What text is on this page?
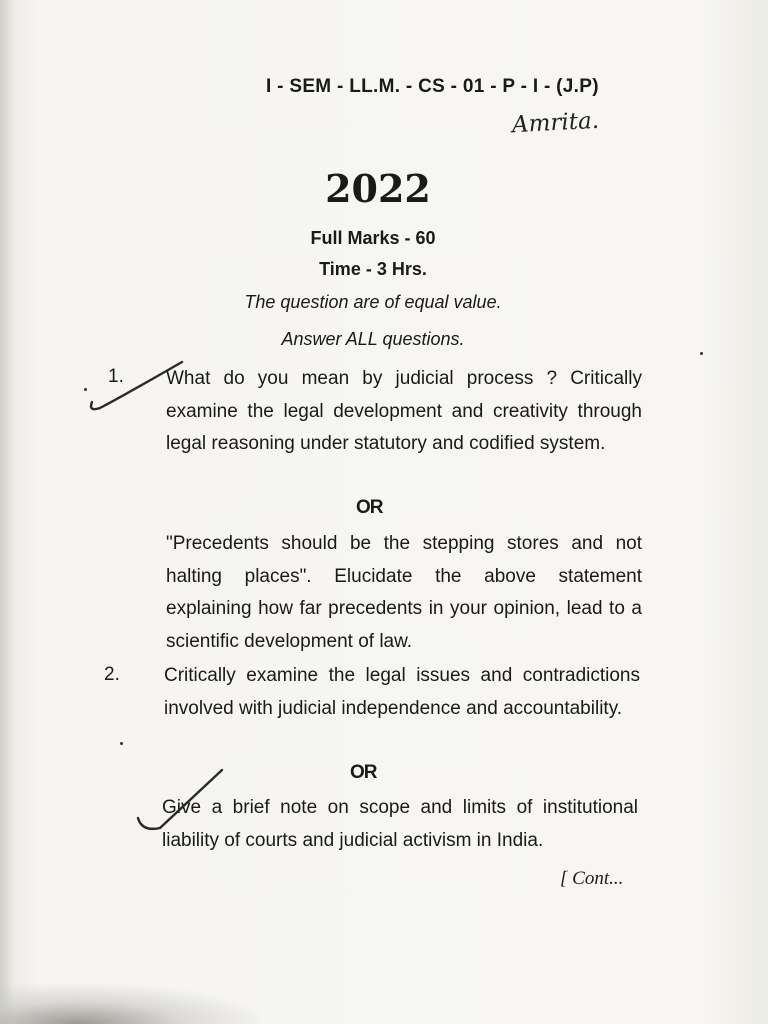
I - SEM - LL.M. - CS - 01 - P - I - (J.P)
Amrita.
2022
Full Marks - 60
Time - 3 Hrs.
The question are of equal value.
Answer ALL questions.
1. What do you mean by judicial process ? Critically examine the legal development and creativity through legal reasoning under statutory and codified system.
OR
"Precedents should be the stepping stores and not halting places". Elucidate the above statement explaining how far precedents in your opinion, lead to a scientific development of law.
2. Critically examine the legal issues and contradictions involved with judicial independence and accountability.
OR
Give a brief note on scope and limits of institutional liability of courts and judicial activism in India.
[ Cont...
